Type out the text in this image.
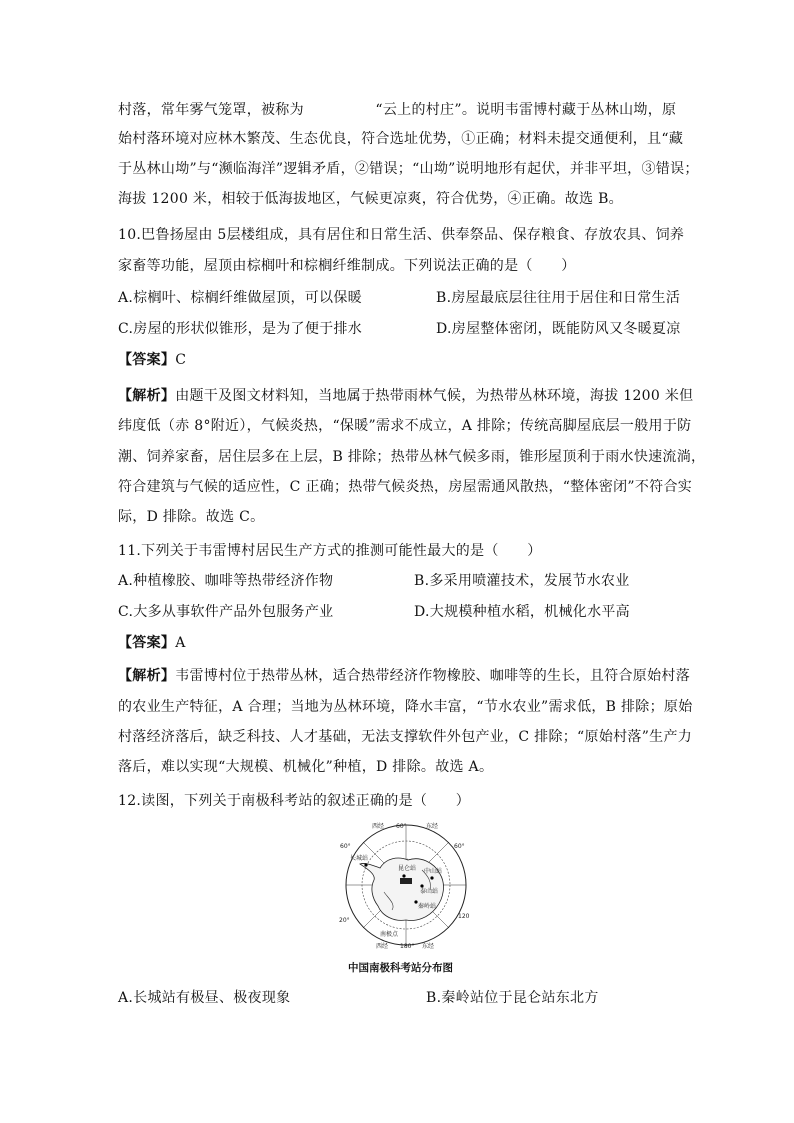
村落，常年雾气笼罩，被称为　　　　　“云上的村庄”。说明韦雷博村藏于丛林山坳，原
始村落环境对应林木繁茂、生态优良，符合选址优势，①正确；材料未提交通便利，且“藏
于丛林山坳”与“濒临海洋”逻辑矛盾，②错误；“山坳”说明地形有起伏，并非平坦，③错误；
海拔 1200 米，相较于低海拔地区，气候更凉爽，符合优势，④正确。故选 B。
10.巴鲁扬屋由 5层楼组成，具有居住和日常生活、供奉祭品、保存粮食、存放农具、饲养
家畜等功能，屋顶由棕榈叶和棕榈纤维制成。下列说法正确的是（　　）
A.棕榈叶、棕榈纤维做屋顶，可以保暖	B.房屋最底层往往用于居住和日常生活
C.房屋的形状似锥形，是为了便于排水	D.房屋整体密闭，既能防风又冬暖夏凉
【答案】C
【解析】由题干及图文材料知，当地属于热带雨林气候，为热带丛林环境，海拔 1200 米但
纬度低（赤 8°附近），气候炎热，“保暖”需求不成立，A 排除；传统高脚屋底层一般用于防
潮、饲养家畜，居住层多在上层，B 排除；热带丛林气候多雨，锥形屋顶利于雨水快速流淌，
符合建筑与气候的适应性，C 正确；热带气候炎热，房屋需通风散热，“整体密闭”不符合实
际，D 排除。故选 C。
11.下列关于韦雷博村居民生产方式的推测可能性最大的是（　　）
A.种植橡胶、咖啡等热带经济作物	B.多采用喷灌技术，发展节水农业
C.大多从事软件产品外包服务产业	D.大规模种植水稻，机械化水平高
【答案】A
【解析】韦雷博村位于热带丛林，适合热带经济作物橡胶、咖啡等的生长，且符合原始村落
的农业生产特征，A 合理；当地为丛林环境，降水丰富，“节水农业”需求低，B 排除；原始
村落经济落后，缺乏科技、人才基础，无法支撑软件外包产业，C 排除；“原始村落”生产力
落后，难以实现“大规模、机械化”种植，D 排除。故选 A。
12.读图，下列关于南极科考站的叙述正确的是（　　）
西经 60°	东经
60°	60°
长城站
昆仑站 中山站
泰山站
秦岭站
20°
120
南极点
西经 180° 东经
中国南极科考站分布图
A.长城站有极昼、极夜现象	B.秦岭站位于昆仑站东北方
